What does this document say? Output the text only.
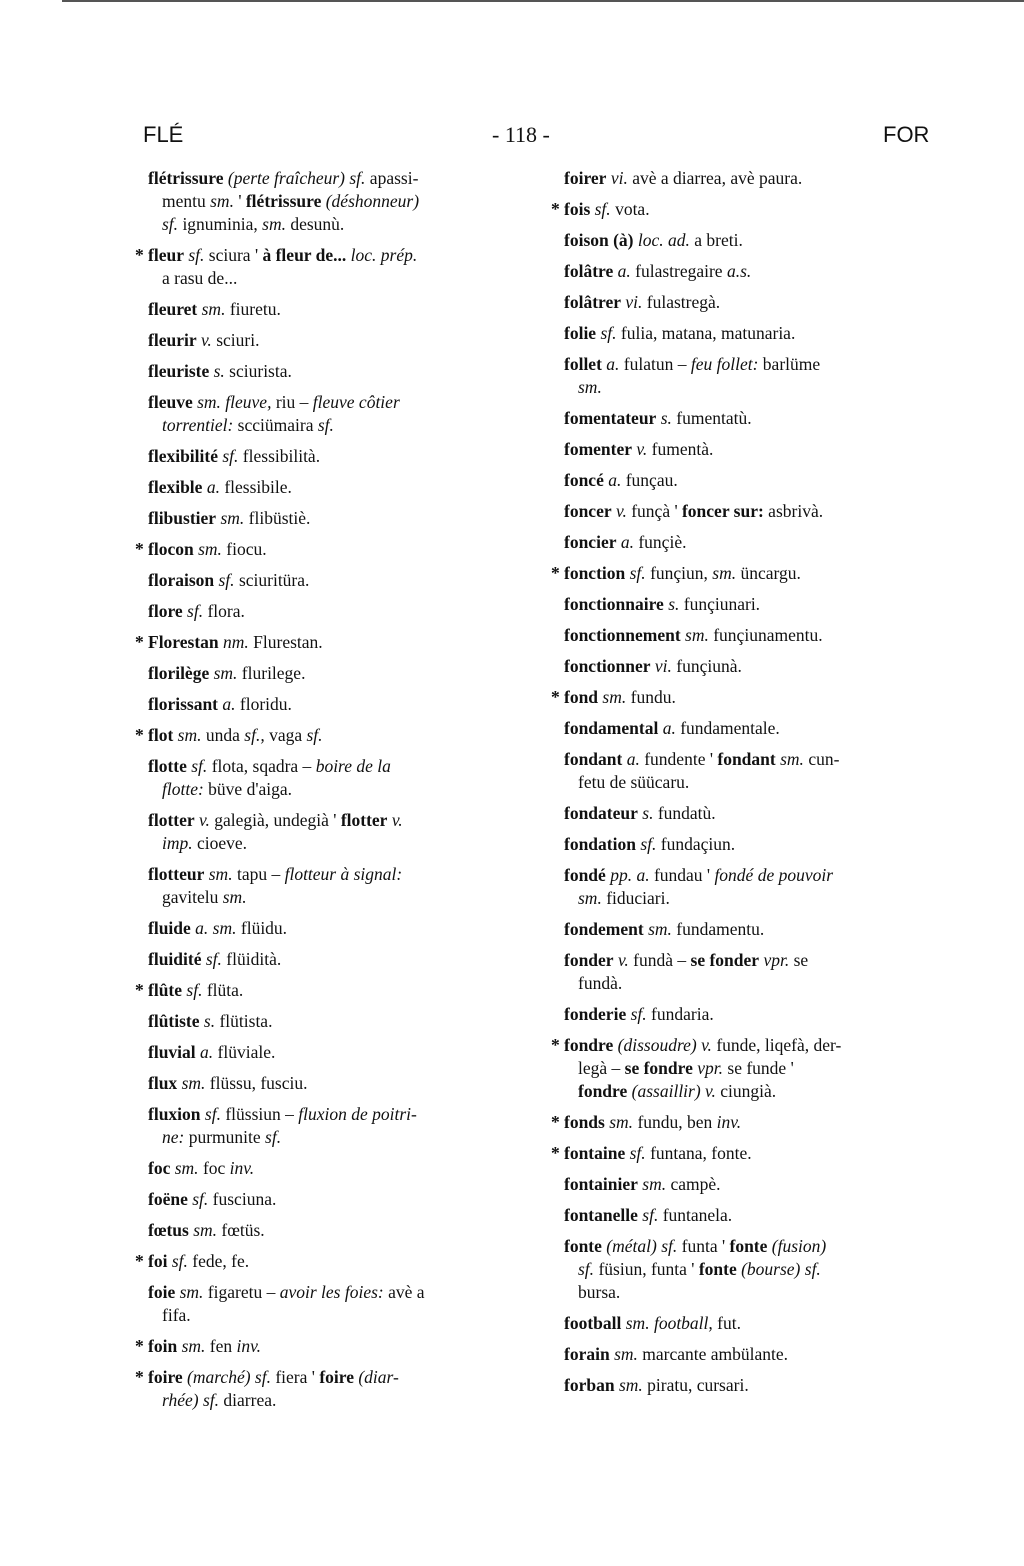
FLÉ	- 118 -	FOR
flétrissure (perte fraîcheur) sf. apassi-
mentu sm. ' flétrissure (déshonneur)
sf. ignuminia, sm. desunù.
* fleur sf. sciura ' à fleur de... loc. prép.
a rasu de...
fleuret sm. fiuretu.
fleurir v. sciuri.
fleuriste s. sciurista.
fleuve sm. fleuve, riu – fleuve côtier
torrentiel: scciümaira sf.
flexibilité sf. flessibilità.
flexible a. flessibile.
flibustier sm. flibüstiè.
* flocon sm. fiocu.
floraison sf. sciuritüra.
flore sf. flora.
* Florestan nm. Flurestan.
florilège sm. flurilege.
florissant a. floridu.
* flot sm. unda sf., vaga sf.
flotte sf. flota, sqadra – boire de la
flotte: büve d'aiga.
flotter v. galegià, undegià ' flotter v.
imp. cioeve.
flotteur sm. tapu – flotteur à signal:
gavitelu sm.
fluide a. sm. flüidu.
fluidité sf. flüidità.
* flûte sf. flüta.
flûtiste s. flütista.
fluvial a. flüviale.
flux sm. flüssu, fusciu.
fluxion sf. flüssiun – fluxion de poitri-
ne: purmunite sf.
foc sm. foc inv.
foëne sf. fusciuna.
fœtus sm. fœtüs.
* foi sf. fede, fe.
foie sm. figaretu – avoir les foies: avè a
fifa.
* foin sm. fen inv.
* foire (marché) sf. fiera ' foire (diar-
rhée) sf. diarrea.
foirer vi. avè a diarrea, avè paura.
* fois sf. vota.
foison (à) loc. ad. a breti.
folâtre a. fulastregaire a.s.
folâtrer vi. fulastregà.
folie sf. fulia, matana, matunaria.
follet a. fulatun – feu follet: barlüme
sm.
fomentateur s. fumentatù.
fomenter v. fumentà.
foncé a. funçau.
foncer v. funçà ' foncer sur: asbrivà.
foncier a. funçiè.
* fonction sf. funçiun, sm. üncargu.
fonctionnaire s. funçiunari.
fonctionnement sm. funçiunamentu.
fonctionner vi. funçiunà.
* fond sm. fundu.
fondamental a. fundamentale.
fondant a. fundente ' fondant sm. cun-
fetu de süücaru.
fondateur s. fundatù.
fondation sf. fundaçiun.
fondé pp. a. fundau ' fondé de pouvoir
sm. fiduciari.
fondement sm. fundamentu.
fonder v. fundà – se fonder vpr. se
fundà.
fonderie sf. fundaria.
* fondre (dissoudre) v. funde, liqefà, der-
legà – se fondre vpr. se funde '
fondre (assaillir) v. ciungià.
* fonds sm. fundu, ben inv.
* fontaine sf. funtana, fonte.
fontainier sm. campè.
fontanelle sf. funtanela.
fonte (métal) sf. funta ' fonte (fusion)
sf. füsiun, funta ' fonte (bourse) sf.
bursa.
football sm. football, fut.
forain sm. marcante ambülante.
forban sm. piratu, cursari.
